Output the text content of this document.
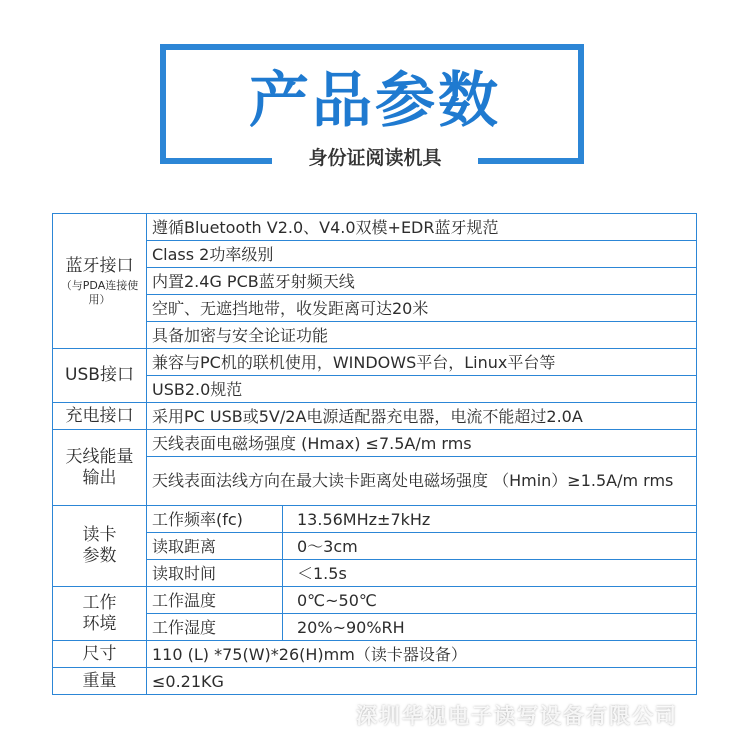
产品参数
身份证阅读机具
蓝牙接口
（与PDA连接使用）	遵循Bluetooth V2.0、V4.0双模+EDR蓝牙规范	
	Class 2功率级别	
	内置2.4G PCB蓝牙射频天线	
	空旷、无遮挡地带，收发距离可达20米	
	具备加密与安全论证功能	
USB接口	兼容与PC机的联机使用，WINDOWS平台，Linux平台等	
	USB2.0规范	
充电接口	采用PC USB或5V/2A电源适配器充电器，电流不能超过2.0A	
天线能量输出	天线表面电磁场强度 (Hmax) ≤7.5A/m rms	
	天线表面法线方向在最大读卡距离处电磁场强度 （Hmin）≥1.5A/m rms	
读卡参数	工作频率(fc)	13.56MHz±7kHz
	读取距离	0～3cm
	读取时间	＜1.5s
工作环境	工作温度	0℃~50℃
	工作湿度	20%~90%RH
尺寸	110 (L) *75(W)*26(H)mm（读卡器设备）	
重量	≤0.21KG	
深圳华视电子读写设备有限公司
